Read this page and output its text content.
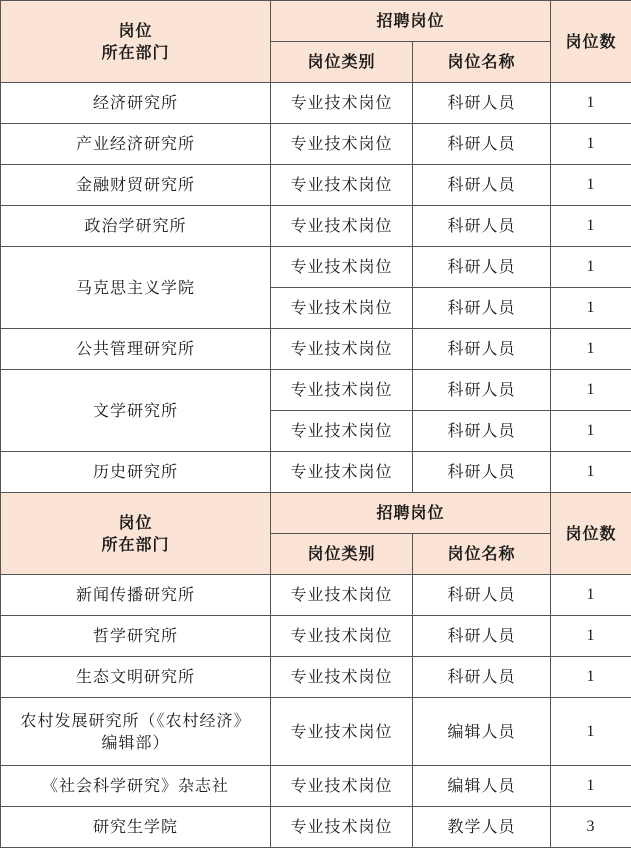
岗位
所在部门	招聘岗位		岗位数
	岗位类别	岗位名称	
经济研究所	专业技术岗位	科研人员	1
产业经济研究所	专业技术岗位	科研人员	1
金融财贸研究所	专业技术岗位	科研人员	1
政治学研究所	专业技术岗位	科研人员	1
马克思主义学院	专业技术岗位	科研人员	1
	专业技术岗位	科研人员	1
公共管理研究所	专业技术岗位	科研人员	1
文学研究所	专业技术岗位	科研人员	1
	专业技术岗位	科研人员	1
历史研究所	专业技术岗位	科研人员	1

岗位
所在部门	招聘岗位		岗位数
	岗位类别	岗位名称	
新闻传播研究所	专业技术岗位	科研人员	1
哲学研究所	专业技术岗位	科研人员	1
生态文明研究所	专业技术岗位	科研人员	1

农村发展研究所（《农村经济》
编辑部）	专业技术岗位	编辑人员	1
《社会科学研究》杂志社	专业技术岗位	编辑人员	1
研究生学院	专业技术岗位	教学人员	3
